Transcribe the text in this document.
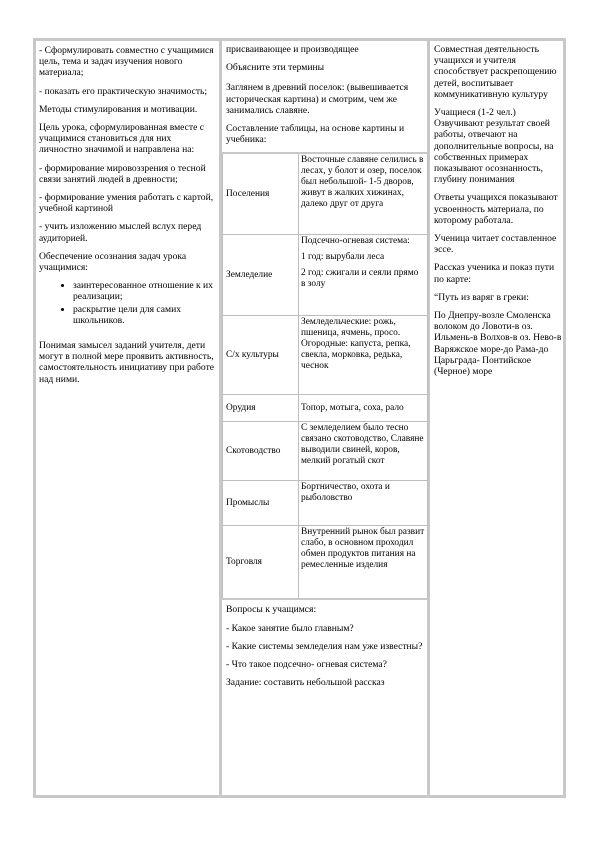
- Сформулировать совместно с учащимися цель, тема и задач изучения нового материала;

- показать его практическую значимость;

Методы стимулирования и мотивации.

Цель урока, сформулированная вместе с учащимися становиться для них личностно значимой и направлена на:

- формирование мировоззрения о тесной связи занятий людей в древности;

- формирование умения работать с картой, учебной картиной

- учить изложению мыслей вслух перед аудиторией.

Обеспечение осознания задач урока учащимися:

• заинтересованное отношение к их реализации;
• раскрытие цели для самих школьников.

Понимая замысел заданий учителя, дети могут в полной мере проявить активность, самостоятельность инициативу при работе над ними.

присваивающее и производящее

Объясните эти термины

Заглянем в древний поселок: (вывешивается историческая картина) и смотрим, чем же занимались славяне.

Составление таблицы, на основе картины и учебника:

Поселения	Восточные славяне селились в лесах, у болот и озер, поселок был небольшой- 1-5 дворов, живут в жалких хижинах, далеко друг от друга
Земледелие	Подсечно-огневая система:
1 год: вырубали леса
2 год: сжигали и сеяли прямо в золу

С/х культуры	Земледельческие: рожь, пшеница, ячмень, просо. Огородные: капуста, репка, свекла, морковка, редька, чеснок
Орудия	Топор, мотыга, соха, рало
Скотоводство	С земледелием было тесно связано скотоводство, Славяне выводили свиней, коров, мелкий рогатый скот
Промыслы	Бортничество, охота и рыболовство
Торговля	Внутренний рынок был развит слабо, в основном проходил обмен продуктов питания на ремесленные изделия

Вопросы к учащимся:

- Какое занятие было главным?

- Какие системы земледелия нам уже известны?

- Что такое подсечно- огневая система?

Задание: составить небольшой рассказ

Совместная деятельность учащихся и учителя способствует раскрепощению детей, воспитывает коммуникативную культуру

Учащиеся (1-2 чел.) Озвучивают результат своей работы, отвечают на дополнительные вопросы, на собственных примерах показывают осознанность, глубину понимания

Ответы учащихся показывают усвоенность материала, по которому работала.

Ученица читает составленное эссе.

Рассказ ученика и показ пути по карте:

“Путь из варяг в греки:

По Днепру-возле Смоленска волоком до Ловоти-в оз. Ильмень-в Волхов-в оз. Нево-в Варяжское море-до Рама-до Царьграда- Понтийское (Черное) море
